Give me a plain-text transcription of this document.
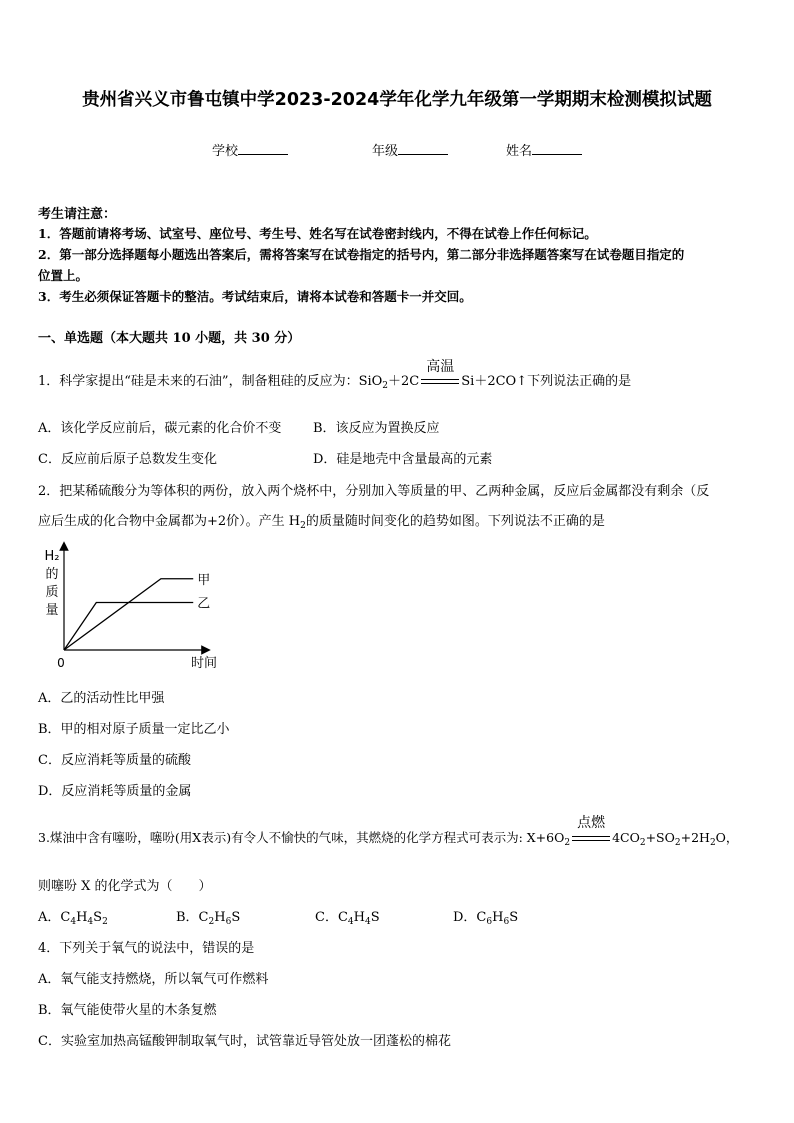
贵州省兴义市鲁屯镇中学2023-2024学年化学九年级第一学期期末检测模拟试题
学校	年级	姓名
考生请注意：
1．答题前请将考场、试室号、座位号、考生号、姓名写在试卷密封线内，不得在试卷上作任何标记。
2．第一部分选择题每小题选出答案后，需将答案写在试卷指定的括号内，第二部分非选择题答案写在试卷题目指定的
位置上。
3．考生必须保证答题卡的整洁。考试结束后，请将本试卷和答题卡一并交回。
一、单选题（本大题共 10 小题，共 30 分）
1．科学家提出“硅是未来的石油”，制备粗硅的反应为：SiO$_2$＋2C
高温
Si＋2CO↑下列说法正确的是
A．该化学反应前后，碳元素的化合价不变 B．该反应为置换反应
C．反应前后原子总数发生变化	D．硅是地壳中含量最高的元素
2．把某稀硫酸分为等体积的两份，放入两个烧杯中，分别加入等质量的甲、乙两种金属，反应后金属都没有剩余（反
应后生成的化合物中金属都为+2价）。产生 $H_2$的质量随时间变化的趋势如图。下列说法不正确的是
H₂
的
质
量
0	时间
甲
乙
A．乙的活动性比甲强
B．甲的相对原子质量一定比乙小
C．反应消耗等质量的硫酸
D．反应消耗等质量的金属
3.煤油中含有噻吩，噻吩(用X表示)有令人不愉快的气味，其燃烧的化学方程式可表示为: $X+6O_2$
点燃
$4CO_2+SO_2+2H_2O$，
则噻吩 X 的化学式为（　　）
A．$C_4H_4S_2$	B．$C_2H_6S$	C．$C_4H_4S$	D．$C_6H_6S$
4．下列关于氧气的说法中，错误的是
A．氧气能支持燃烧，所以氧气可作燃料
B．氧气能使带火星的木条复燃
C．实验室加热高锰酸钾制取氧气时，试管靠近导管处放一团蓬松的棉花
